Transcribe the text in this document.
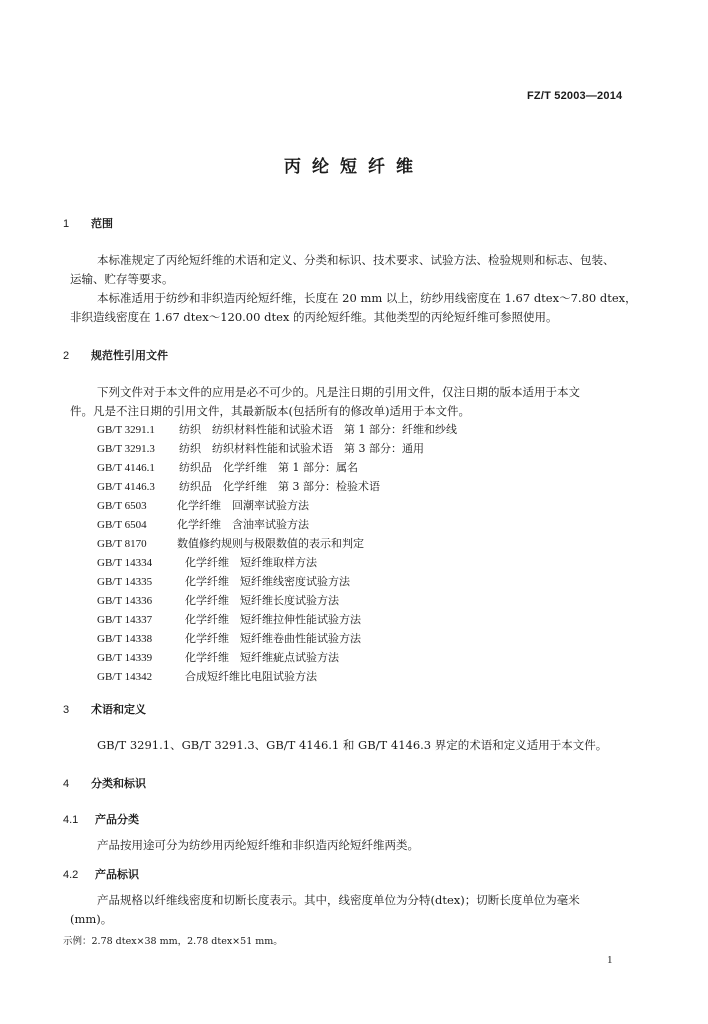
FZ/T 52003—2014
丙纶短纤维
1 范围
本标准规定了丙纶短纤维的术语和定义、分类和标识、技术要求、试验方法、检验规则和标志、包装、
运输、贮存等要求。
本标准适用于纺纱和非织造丙纶短纤维，长度在 20 mm 以上，纺纱用线密度在 1.67 dtex～7.80 dtex，
非织造线密度在 1.67 dtex～120.00 dtex 的丙纶短纤维。其他类型的丙纶短纤维可参照使用。
2 规范性引用文件
下列文件对于本文件的应用是必不可少的。凡是注日期的引用文件，仅注日期的版本适用于本文
件。凡是不注日期的引用文件，其最新版本(包括所有的修改单)适用于本文件。
GB/T 3291.1 纺织　纺织材料性能和试验术语　第 1 部分：纤维和纱线
GB/T 3291.3 纺织　纺织材料性能和试验术语　第 3 部分：通用
GB/T 4146.1 纺织品　化学纤维　第 1 部分：属名
GB/T 4146.3 纺织品　化学纤维　第 3 部分：检验术语
GB/T 6503	化学纤维　回潮率试验方法
GB/T 6504	化学纤维　含油率试验方法
GB/T 8170	数值修约规则与极限数值的表示和判定
GB/T 14334	化学纤维　短纤维取样方法
GB/T 14335	化学纤维　短纤维线密度试验方法
GB/T 14336	化学纤维　短纤维长度试验方法
GB/T 14337	化学纤维　短纤维拉伸性能试验方法
GB/T 14338	化学纤维　短纤维卷曲性能试验方法
GB/T 14339	化学纤维　短纤维疵点试验方法
GB/T 14342	合成短纤维比电阻试验方法
3 术语和定义
GB/T 3291.1、GB/T 3291.3、GB/T 4146.1 和 GB/T 4146.3 界定的术语和定义适用于本文件。
4 分类和标识
4.1 产品分类
产品按用途可分为纺纱用丙纶短纤维和非织造丙纶短纤维两类。
4.2 产品标识
产品规格以纤维线密度和切断长度表示。其中，线密度单位为分特(dtex)；切断长度单位为毫米
(mm)。
示例：2.78 dtex×38 mm，2.78 dtex×51 mm。
1
